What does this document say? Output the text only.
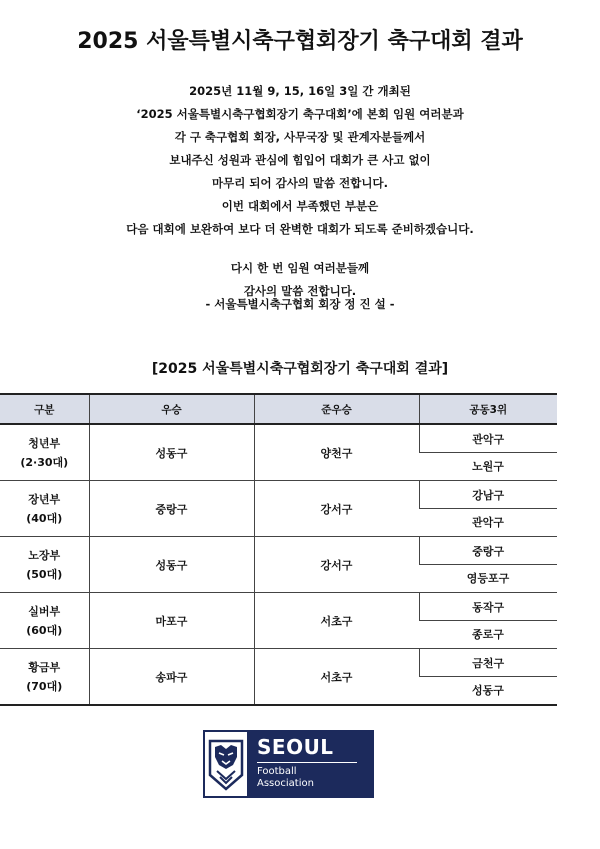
2025 서울특별시축구협회장기 축구대회 결과
2025년 11월 9, 15, 16일 3일 간 개최된
‘2025 서울특별시축구협회장기 축구대회’에 본회 임원 여러분과
각 구 축구협회 회장, 사무국장 및 관계자분들께서
보내주신 성원과 관심에 힘입어 대회가 큰 사고 없이
마무리 되어 감사의 말씀 전합니다.
이번 대회에서 부족했던 부분은
다음 대회에 보완하여 보다 더 완벽한 대회가 되도록 준비하겠습니다.
다시 한 번 임원 여러분들께
감사의 말씀 전합니다.
- 서울특별시축구협회 회장 정 진 설 -
[2025 서울특별시축구협회장기 축구대회 결과]
구분	우승	준우승	공동3위

청년부
(2·30대)	성동구	양천구	관악구
			노원구

장년부
(40대)	중랑구	강서구	강남구
			관악구

노장부
(50대)	성동구	강서구	중랑구
			영등포구

실버부
(60대)	마포구	서초구	동작구
			종로구

황금부
(70대)	송파구	서초구	금천구
			성동구
SEOUL
Football
Association
